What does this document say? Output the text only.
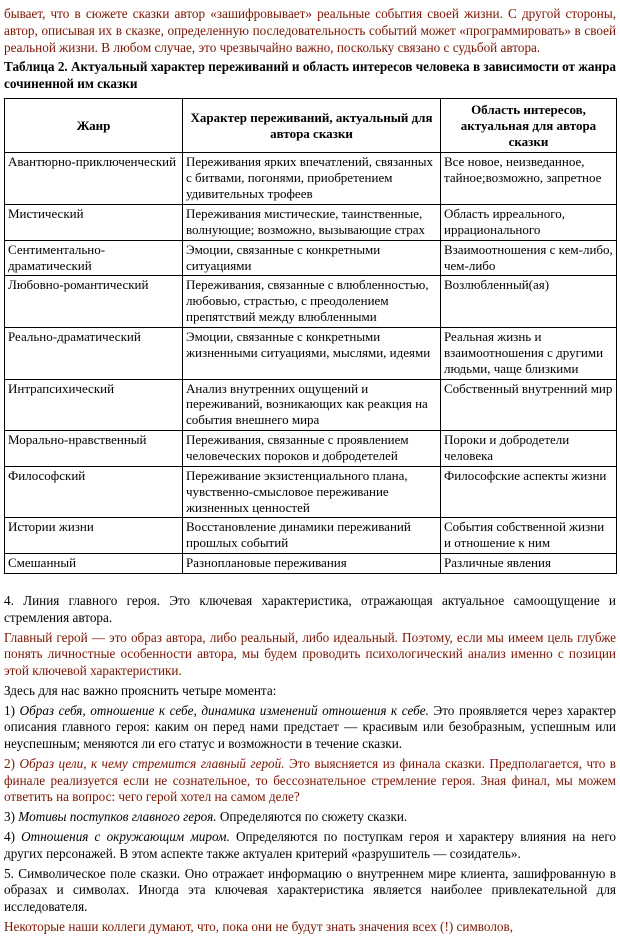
бывает, что в сюжете сказки автор «зашифровывает» реальные события своей жизни. С другой стороны, автор, описывая их в сказке, определенную последовательность событий может «программировать» в своей реальной жизни. В любом случае, это чрезвычайно важно, поскольку связано с судьбой автора.

Таблица 2. Актуальный характер переживаний и область интересов человека в зависимости от жанра сочиненной им сказки

Жанр	Характер переживаний, актуальный для автора сказки	Область интересов, актуальная для автора сказки
Авантюрно-приключенческий	Переживания ярких впечатлений, связанных с битвами, погонями, приобретением удивительных трофеев	Все новое, неизведанное, тайное;возможно, запретное
Мистический	Переживания мистические, таинственные, волнующие; возможно, вызывающие страх	Область ирреального, иррационального
Сентиментально-драматический	Эмоции, связанные с конкретными ситуациями	Взаимоотношения с кем-либо, чем-либо
Любовно-романтический	Переживания, связанные с влюбленностью, любовью, страстью, с преодолением препятствий между влюбленными	Возлюбленный(ая)
Реально-драматический	Эмоции, связанные с конкретными жизненными ситуациями, мыслями, идеями	Реальная жизнь и взаимоотношения с другими людьми, чаще близкими
Интрапсихический	Анализ внутренних ощущений и переживаний, возникающих как реакция на события внешнего мира	Собственный внутренний мир
Морально-нравственный	Переживания, связанные с проявлением человеческих пороков и добродетелей	Пороки и добродетели человека
Философский	Переживание экзистенциального плана, чувственно-смысловое переживание жизненных ценностей	Философские аспекты жизни
Истории жизни	Восстановление динамики переживаний прошлых событий	События собственной жизни и отношение к ним
Смешанный	Разноплановые переживания	Различные явления

4. Линия главного героя. Это ключевая характеристика, отражающая актуальное самоощущение и стремления автора.

Главный герой — это образ автора, либо реальный, либо идеальный. Поэтому, если мы имеем цель глубже понять личностные особенности автора, мы будем проводить психологический анализ именно с позиции этой ключевой характеристики.

Здесь для нас важно прояснить четыре момента:

1) Образ себя, отношение к себе, динамика изменений отношения к себе. Это проявляется через характер описания главного героя: каким он перед нами предстает — красивым или безобразным, успешным или неуспешным; меняются ли его статус и возможности в течение сказки.

2) Образ цели, к чему стремится главный герой. Это выясняется из финала сказки. Предполагается, что в финале реализуется если не сознательное, то бессознательное стремление героя. Зная финал, мы можем ответить на вопрос: чего герой хотел на самом деле?

3) Мотивы поступков главного героя. Определяются по сюжету сказки.

4) Отношения с окружающим миром. Определяются по поступкам героя и характеру влияния на него других персонажей. В этом аспекте также актуален критерий «разрушитель — созидатель».

5. Символическое поле сказки. Оно отражает информацию о внутреннем мире клиента, зашифрованную в образах и символах. Иногда эта ключевая характеристика является наиболее привлекательной для исследователя.

Некоторые наши коллеги думают, что, пока они не будут знать значения всех (!) символов,
